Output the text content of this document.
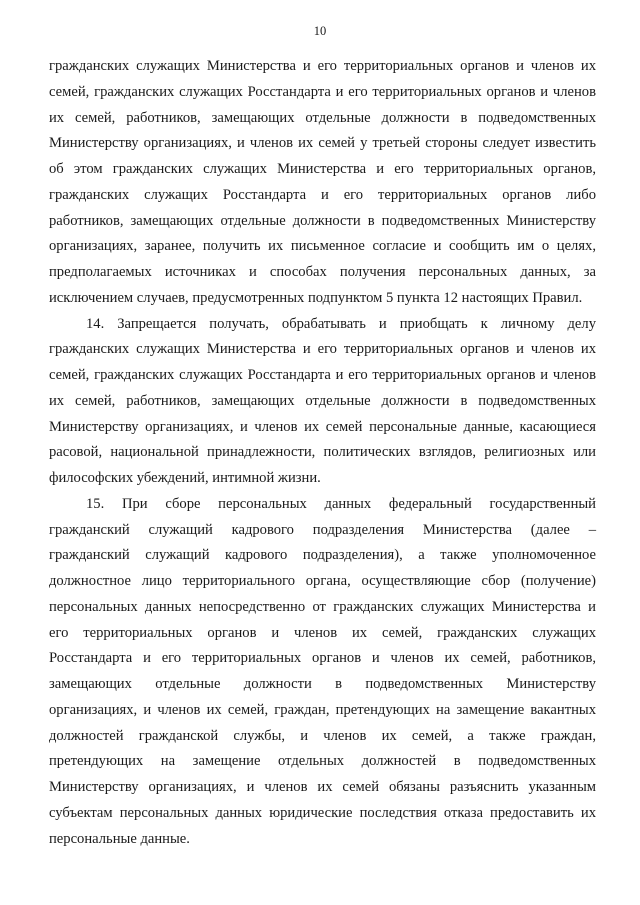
10
гражданских служащих Министерства и его территориальных органов и членов их
семей, гражданских служащих Росстандарта и его территориальных органов и членов
их семей, работников, замещающих отдельные должности в подведомственных
Министерству организациях, и членов их семей у третьей стороны следует известить
об этом гражданских служащих Министерства и его территориальных органов,
гражданских служащих Росстандарта и его территориальных органов либо
работников, замещающих отдельные должности в подведомственных Министерству
организациях, заранее, получить их письменное согласие и сообщить им о целях,
предполагаемых источниках и способах получения персональных данных, за
исключением случаев, предусмотренных подпунктом 5 пункта 12 настоящих Правил.
14. Запрещается получать, обрабатывать и приобщать к личному делу
гражданских служащих Министерства и его территориальных органов и членов их
семей, гражданских служащих Росстандарта и его территориальных органов и членов
их семей, работников, замещающих отдельные должности в подведомственных
Министерству организациях, и членов их семей персональные данные, касающиеся
расовой, национальной принадлежности, политических взглядов, религиозных или
философских убеждений, интимной жизни.
15. При сборе персональных данных федеральный государственный
гражданский служащий кадрового подразделения Министерства (далее –
гражданский служащий кадрового подразделения), а также уполномоченное
должностное лицо территориального органа, осуществляющие сбор (получение)
персональных данных непосредственно от гражданских служащих Министерства и
его территориальных органов и членов их семей, гражданских служащих
Росстандарта и его территориальных органов и членов их семей, работников,
замещающих отдельные должности в подведомственных Министерству
организациях, и членов их семей, граждан, претендующих на замещение вакантных
должностей гражданской службы, и членов их семей, а также граждан,
претендующих на замещение отдельных должностей в подведомственных
Министерству организациях, и членов их семей обязаны разъяснить указанным
субъектам персональных данных юридические последствия отказа предоставить их
персональные данные.
